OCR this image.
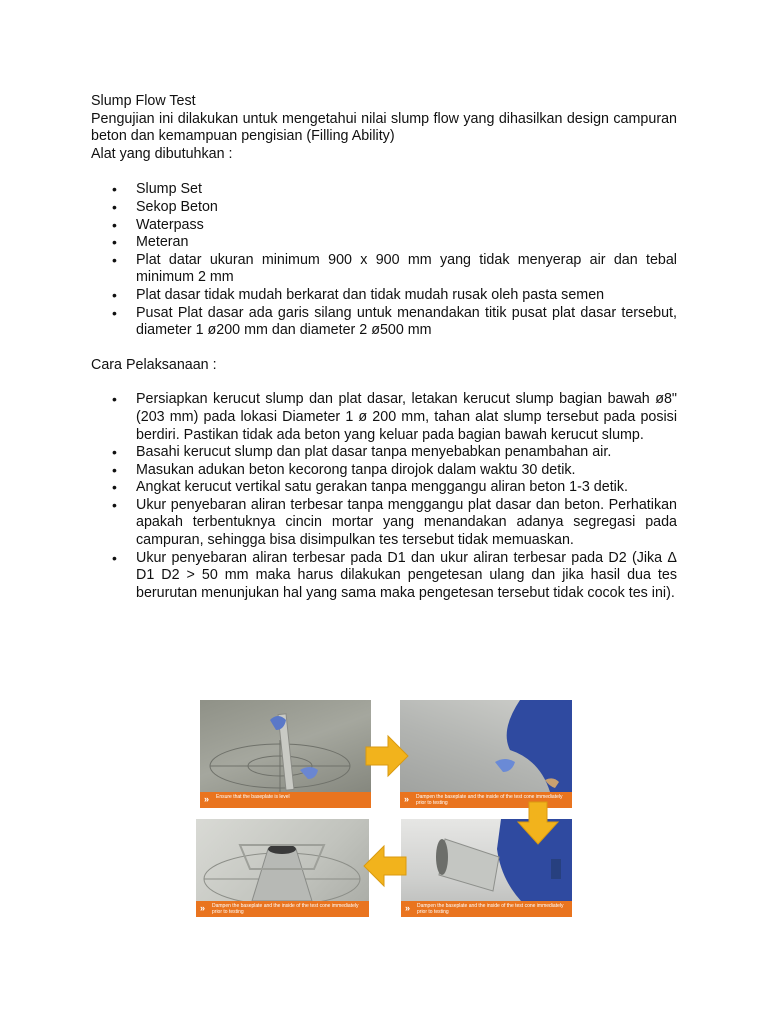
Slump Flow Test

Pengujian ini dilakukan untuk mengetahui nilai slump flow yang dihasilkan design campuran beton dan kemampuan pengisian (Filling Ability)

Alat yang dibutuhkan :

• Slump Set
• Sekop Beton
• Waterpass
• Meteran
• Plat datar ukuran minimum 900 x 900 mm yang tidak menyerap air dan tebal minimum 2 mm
• Plat dasar tidak mudah berkarat dan tidak mudah rusak oleh pasta semen
• Pusat Plat dasar ada garis silang untuk menandakan titik pusat plat dasar tersebut, diameter 1 ø200 mm dan diameter 2 ø500 mm

Cara Pelaksanaan :

• Persiapkan kerucut slump dan plat dasar, letakan kerucut slump bagian bawah ø8" (203 mm) pada lokasi Diameter 1 ø 200 mm, tahan alat slump tersebut pada posisi berdiri. Pastikan tidak ada beton yang keluar pada bagian bawah kerucut slump.
• Basahi kerucut slump dan plat dasar tanpa menyebabkan penambahan air.
• Masukan adukan beton kecorong tanpa dirojok dalam waktu 30 detik.
• Angkat kerucut vertikal satu gerakan tanpa menggangu aliran beton 1-3 detik.
• Ukur penyebaran aliran terbesar tanpa menggangu plat dasar dan beton. Perhatikan apakah terbentuknya cincin mortar yang menandakan adanya segregasi pada campuran, sehingga bisa disimpulkan tes tersebut tidak memuaskan.
• Ukur penyebaran aliran terbesar pada D1 dan ukur aliran terbesar pada D2 (Jika Δ D1 D2 > 50 mm maka harus dilakukan pengetesan ulang dan jika hasil dua tes berurutan menunjukan hal yang sama maka pengetesan tersebut tidak cocok tes ini).
» Ensure that the baseplate is level	» Dampen the baseplate and the inside of the test cone immediately prior to testing
» Dampen the baseplate and the inside of the test cone immediately prior to testing	» Dampen the baseplate and the inside of the test cone immediately prior to testing
